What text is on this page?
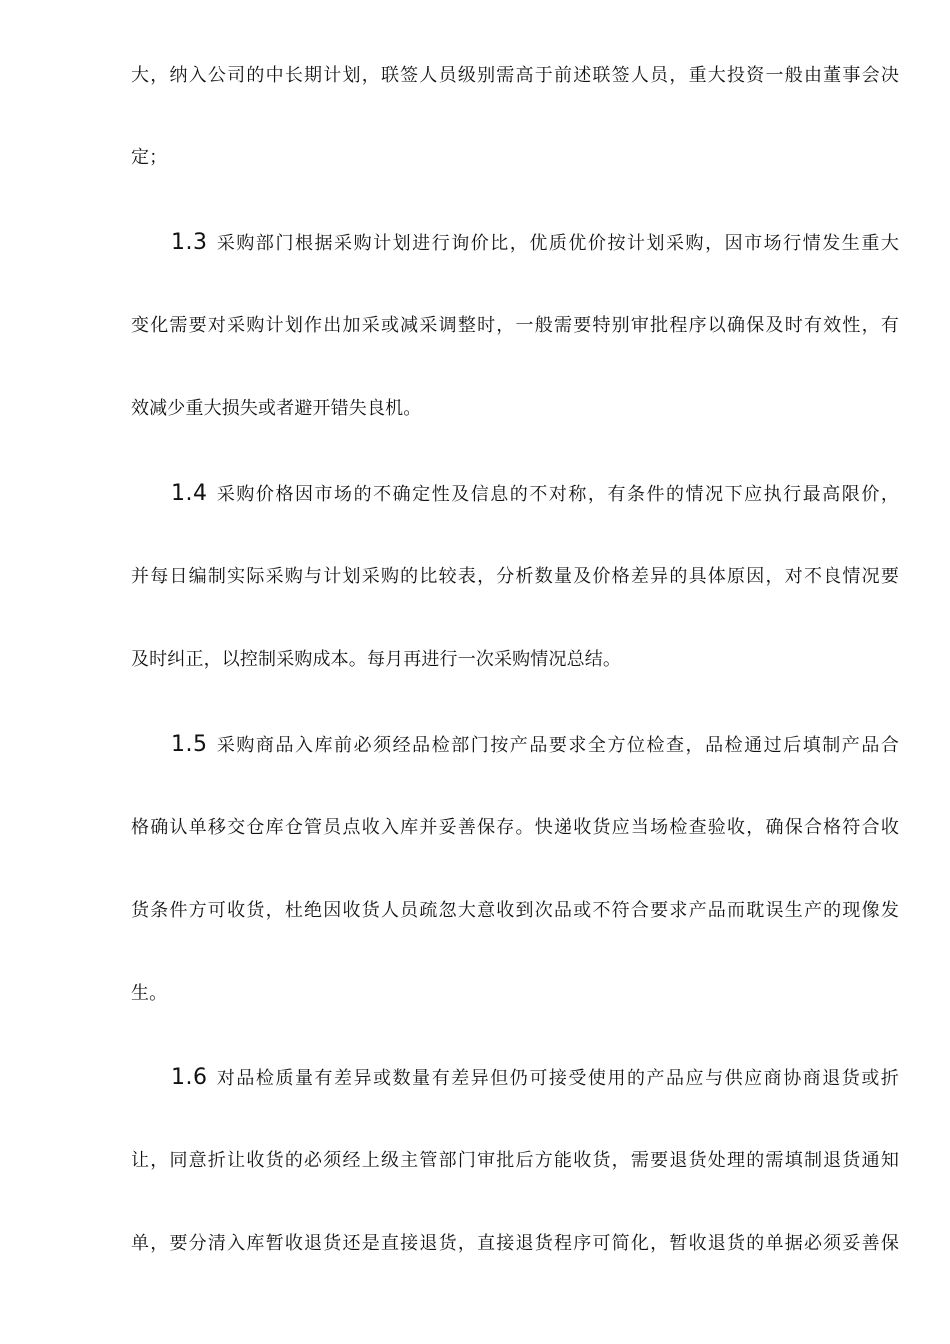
大，纳入公司的中长期计划，联签人员级别需高于前述联签人员，重大投资一般由董事会决
定；
1.3 采购部门根据采购计划进行询价比，优质优价按计划采购，因市场行情发生重大
变化需要对采购计划作出加采或减采调整时，一般需要特别审批程序以确保及时有效性，有
效减少重大损失或者避开错失良机。
1.4 采购价格因市场的不确定性及信息的不对称，有条件的情况下应执行最高限价，
并每日编制实际采购与计划采购的比较表，分析数量及价格差异的具体原因，对不良情况要
及时纠正，以控制采购成本。每月再进行一次采购情况总结。
1.5 采购商品入库前必须经品检部门按产品要求全方位检查，品检通过后填制产品合
格确认单移交仓库仓管员点收入库并妥善保存。快递收货应当场检查验收，确保合格符合收
货条件方可收货，杜绝因收货人员疏忽大意收到次品或不符合要求产品而耽误生产的现像发
生。
1.6 对品检质量有差异或数量有差异但仍可接受使用的产品应与供应商协商退货或折
让，同意折让收货的必须经上级主管部门审批后方能收货，需要退货处理的需填制退货通知
单，要分清入库暂收退货还是直接退货，直接退货程序可简化，暂收退货的单据必须妥善保
